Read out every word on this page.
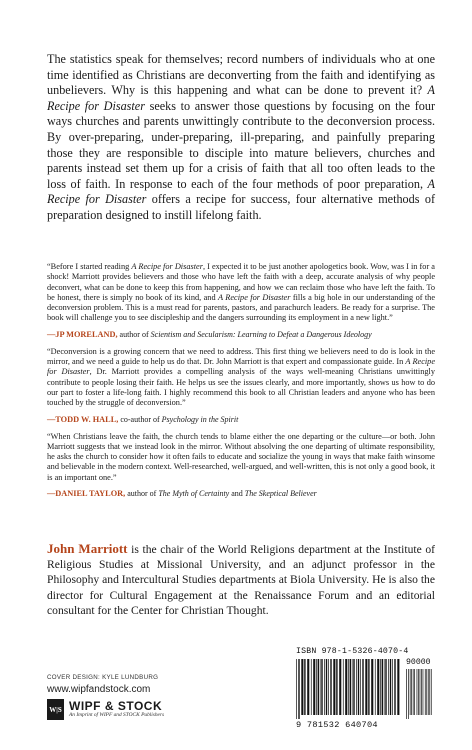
The statistics speak for themselves; record numbers of individuals who at one time identified as Christians are deconverting from the faith and identifying as unbelievers. Why is this happening and what can be done to prevent it? A Recipe for Disaster seeks to answer those questions by focusing on the four ways churches and parents unwittingly contribute to the deconversion process. By over-preparing, under-preparing, ill-preparing, and painfully preparing those they are responsible to disciple into mature believers, churches and parents instead set them up for a crisis of faith that all too often leads to the loss of faith. In response to each of the four methods of poor preparation, A Recipe for Disaster offers a recipe for success, four alternative methods of preparation designed to instill lifelong faith.

“Before I started reading A Recipe for Disaster, I expected it to be just another apologetics book. Wow, was I in for a shock! Marriott provides believers and those who have left the faith with a deep, accurate analysis of why people deconvert, what can be done to keep this from happening, and how we can reclaim those who have left the faith. To be honest, there is simply no book of its kind, and A Recipe for Disaster fills a big hole in our understanding of the deconversion problem. This is a must read for parents, pastors, and parachurch leaders. Be ready for a surprise. The book will challenge you to see discipleship and the dangers surrounding its employment in a new light.”

—JP MORELAND, author of Scientism and Secularism: Learning to Defeat a Dangerous Ideology

“Deconversion is a growing concern that we need to address. This first thing we believers need to do is look in the mirror, and we need a guide to help us do that. Dr. John Marriott is that expert and compassionate guide. In A Recipe for Disaster, Dr. Marriott provides a compelling analysis of the ways well-meaning Christians unwittingly contribute to people losing their faith. He helps us see the issues clearly, and more importantly, shows us how to do our part to foster a life-long faith. I highly recommend this book to all Christian leaders and anyone who has been touched by the struggle of deconversion.”

—TODD W. HALL, co-author of Psychology in the Spirit

“When Christians leave the faith, the church tends to blame either the one departing or the culture—or both. John Marriott suggests that we instead look in the mirror. Without absolving the one departing of ultimate responsibility, he asks the church to consider how it often fails to educate and socialize the young in ways that make faith winsome and believable in the modern context. Well-researched, well-argued, and well-written, this is not only a good book, it is an important one.”

—DANIEL TAYLOR, author of The Myth of Certainty and The Skeptical Believer

John Marriott is the chair of the World Religions department at the Institute of Religious Studies at Missional University, and an adjunct professor in the Philosophy and Intercultural Studies departments at Biola University. He is also the director for Cultural Engagement at the Renaissance Forum and an editorial consultant for the Center for Christian Thought.

COVER DESIGN: KYLE LUNDBURG
www.wipfandstock.com
W|S WIPF & STOCK
An Imprint of WIPF and STOCK Publishers
ISBN 978-1-5326-4070-4
90000
9 781532 640704
